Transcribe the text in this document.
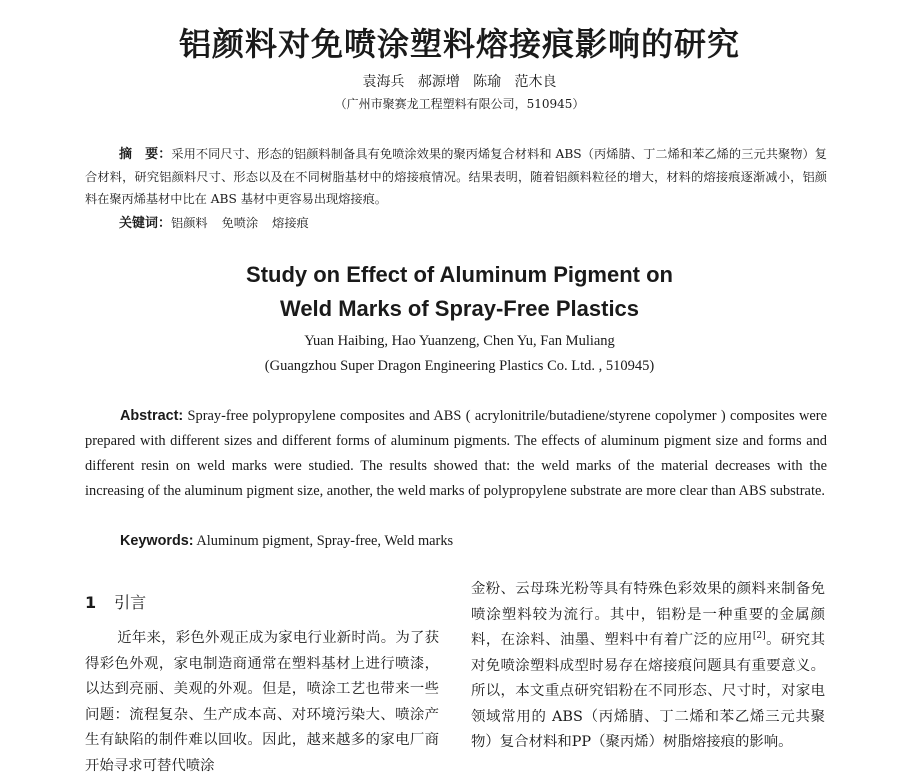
铝颜料对免喷涂塑料熔接痕影响的研究
袁海兵   郝源增   陈瑜   范木良
（广州市聚赛龙工程塑料有限公司，510945）
摘　要：采用不同尺寸、形态的铝颜料制备具有免喷涂效果的聚丙烯复合材料和 ABS（丙烯腈、丁二烯和苯乙烯的三元共聚物）复合材料，研究铝颜料尺寸、形态以及在不同树脂基材中的熔接痕情况。结果表明，随着铝颜料粒径的增大，材料的熔接痕逐渐减小，铝颜料在聚丙烯基材中比在 ABS 基材中更容易出现熔接痕。
关键词：铝颜料 免喷涂 熔接痕
Study on Effect of Aluminum Pigment on
Weld Marks of Spray-Free Plastics
Yuan Haibing, Hao Yuanzeng, Chen Yu, Fan Muliang
(Guangzhou Super Dragon Engineering Plastics Co. Ltd. , 510945)
Abstract: Spray-free polypropylene composites and ABS ( acrylonitrile/butadiene/styrene copolymer ) composites were prepared with different sizes and different forms of aluminum pigments. The effects of aluminum pigment size and forms and different resin on weld marks were studied. The results showed that: the weld marks of the material decreases with the increasing of the aluminum pigment size, another, the weld marks of polypropylene substrate are more clear than ABS substrate.
Keywords: Aluminum pigment, Spray-free, Weld marks
1 引言
近年来，彩色外观正成为家电行业新时尚。为了获得彩色外观，家电制造商通常在塑料基材上进行喷漆，以达到亮丽、美观的外观。但是，喷涂工艺也带来一些问题：流程复杂、生产成本高、对环境污染大、喷涂产生有缺陷的制件难以回收。因此，越来越多的家电厂商开始寻求可替代喷涂
金粉、云母珠光粉等具有特殊色彩效果的颜料来制备免喷涂塑料较为流行。其中，铝粉是一种重要的金属颜料，在涂料、油墨、塑料中有着广泛的应用[2]。研究其对免喷涂塑料成型时易存在熔接痕问题具有重要意义。所以，本文重点研究铝粉在不同形态、尺寸时，对家电领域常用的 ABS（丙烯腈、丁二烯和苯乙烯三元共聚物）复合材料和PP（聚丙烯）树脂熔接痕的影响。
